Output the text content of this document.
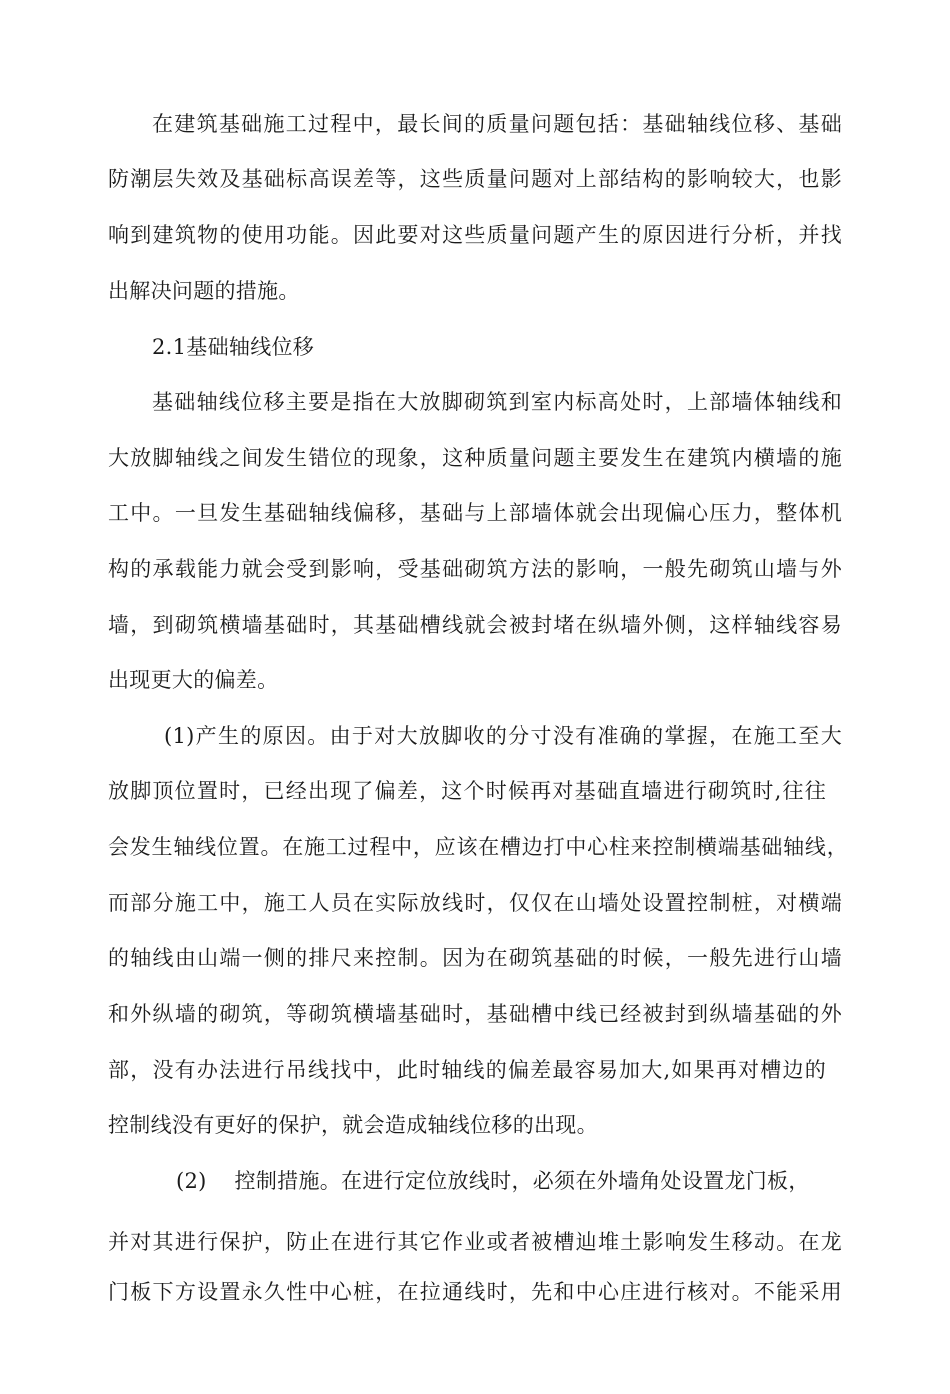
在建筑基础施工过程中，最长间的质量问题包括：基础轴线位移、基础
防潮层失效及基础标高误差等，这些质量问题对上部结构的影响较大，也影
响到建筑物的使用功能。因此要对这些质量问题产生的原因进行分析，并找
出解决问题的措施。
2.1基础轴线位移
基础轴线位移主要是指在大放脚砌筑到室内标高处时，上部墙体轴线和
大放脚轴线之间发生错位的现象，这种质量问题主要发生在建筑内横墙的施
工中。一旦发生基础轴线偏移，基础与上部墙体就会出现偏心压力，整体机
构的承载能力就会受到影响，受基础砌筑方法的影响，一般先砌筑山墙与外
墙，到砌筑横墙基础时，其基础槽线就会被封堵在纵墙外侧，这样轴线容易
出现更大的偏差。
(1)产生的原因。由于对大放脚收的分寸没有准确的掌握，在施工至大
放脚顶位置时，已经出现了偏差，这个时候再对基础直墙进行砌筑时,往往
会发生轴线位置。在施工过程中，应该在槽边打中心柱来控制横端基础轴线，
而部分施工中，施工人员在实际放线时，仅仅在山墙处设置控制桩，对横端
的轴线由山端一侧的排尺来控制。因为在砌筑基础的时候，一般先进行山墙
和外纵墙的砌筑，等砌筑横墙基础时，基础槽中线已经被封到纵墙基础的外
部，没有办法进行吊线找中，此时轴线的偏差最容易加大,如果再对槽边的
控制线没有更好的保护，就会造成轴线位移的出现。
(2)    控制措施。在进行定位放线时，必须在外墙角处设置龙门板，
并对其进行保护，防止在进行其它作业或者被槽辿堆土影响发生移动。在龙
门板下方设置永久性中心桩，在拉通线时，先和中心庄进行核对。不能采用
